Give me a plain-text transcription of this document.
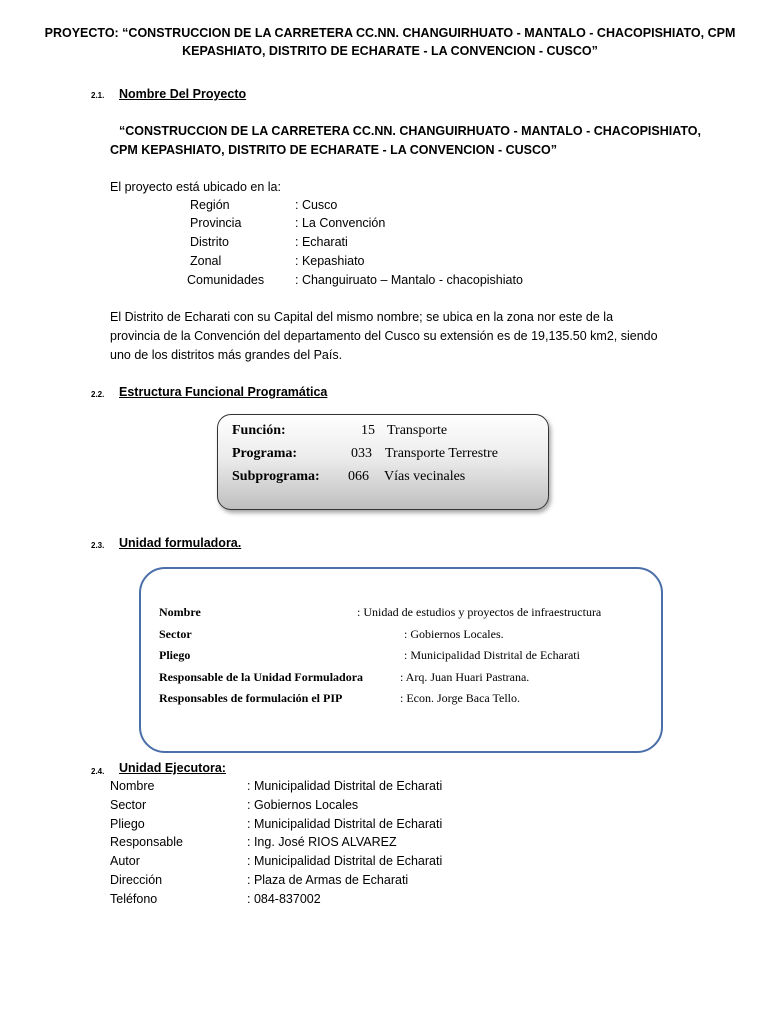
PROYECTO: “CONSTRUCCION DE LA CARRETERA CC.NN. CHANGUIRHUATO - MANTALO - CHACOPISHIATO, CPM
KEPASHIATO, DISTRITO DE ECHARATE - LA CONVENCION - CUSCO”
2.1. Nombre Del Proyecto
“CONSTRUCCION DE LA CARRETERA CC.NN. CHANGUIRHUATO - MANTALO - CHACOPISHIATO,
CPM KEPASHIATO, DISTRITO DE ECHARATE - LA CONVENCION - CUSCO”
El proyecto está ubicado en la:
Región	: Cusco
Provincia	: La Convención
Distrito	: Echarati
Zonal	: Kepashiato
Comunidades : Changuiruato – Mantalo - chacopishiato
El Distrito de Echarati con su Capital del mismo nombre; se ubica en la zona nor este de la
provincia de la Convención del departamento del Cusco su extensión es de 19,135.50 km2, siendo
uno de los distritos más grandes del País.
2.2. Estructura Funcional Programática
Función:	15 Transporte
Programa:	033 Transporte Terrestre
Subprograma: 066 Vías vecinales
2.3. Unidad formuladora.
Nombre	: Unidad de estudios y proyectos de infraestructura
Sector	: Gobiernos Locales.
Pliego	: Municipalidad Distrital de Echarati
Responsable de la Unidad Formuladora	: Arq. Juan Huari Pastrana.
Responsables de formulación el PIP	: Econ. Jorge Baca Tello.
2.4. Unidad Ejecutora:
Nombre	: Municipalidad Distrital de Echarati
Sector	: Gobiernos Locales
Pliego	: Municipalidad Distrital de Echarati
Responsable	: Ing. José RIOS ALVAREZ
Autor	: Municipalidad Distrital de Echarati
Dirección	: Plaza de Armas de Echarati
Teléfono	: 084-837002
